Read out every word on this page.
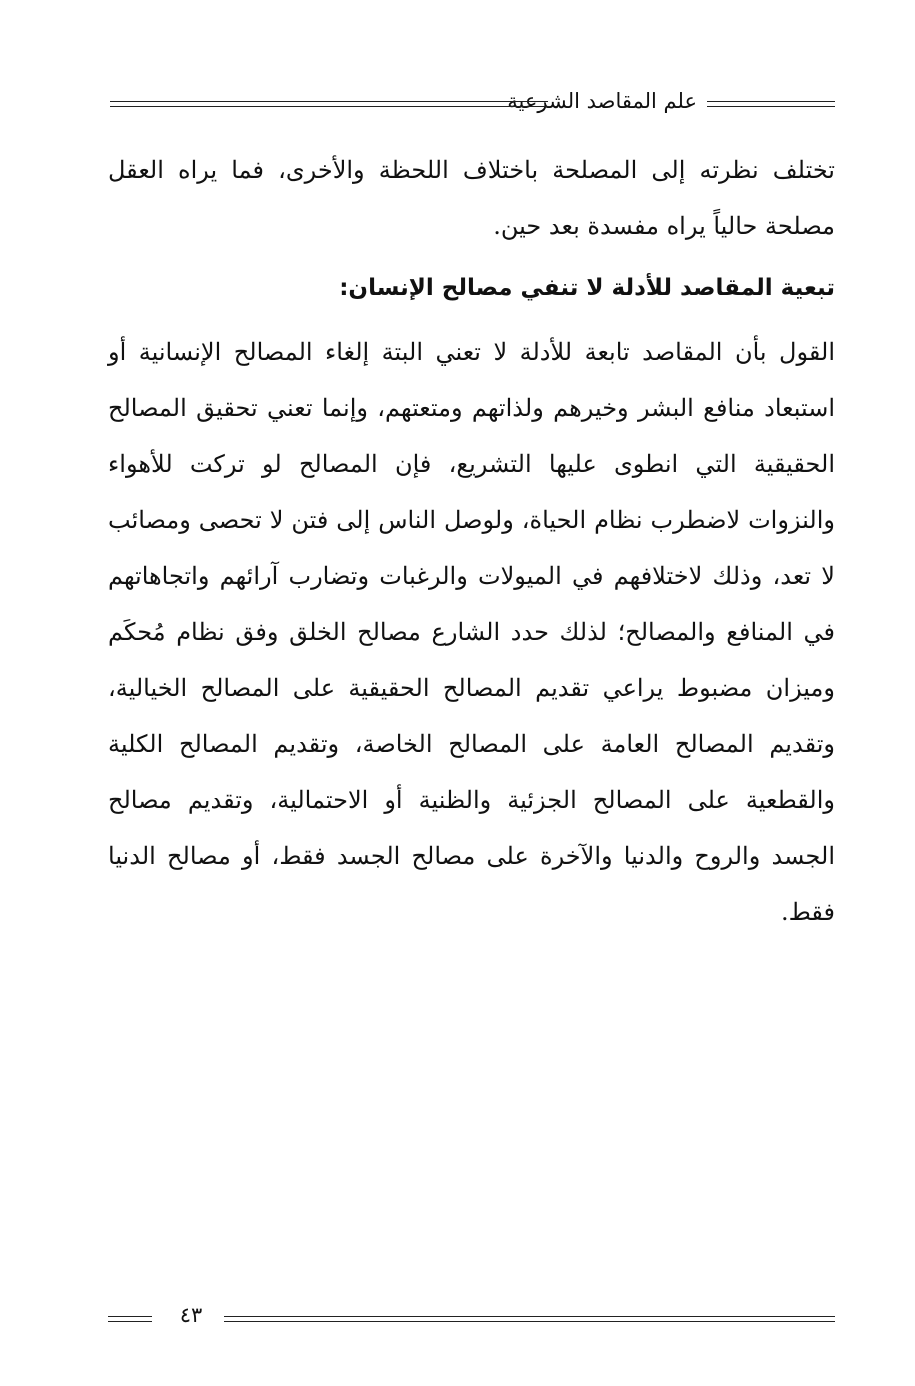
علم المقاصد الشرعية

تختلف نظرته إلى المصلحة باختلاف اللحظة والأخرى، فما يراه العقل مصلحة حالياً يراه مفسدة بعد حين.

تبعية المقاصد للأدلة لا تنفي مصالح الإنسان:

القول بأن المقاصد تابعة للأدلة لا تعني البتة إلغاء المصالح الإنسانية أو استبعاد منافع البشر وخيرهم ولذاتهم ومتعتهم، وإنما تعني تحقيق المصالح الحقيقية التي انطوى عليها التشريع، فإن المصالح لو تركت للأهواء والنزوات لاضطرب نظام الحياة، ولوصل الناس إلى فتن لا تحصى ومصائب لا تعد، وذلك لاختلافهم في الميولات والرغبات وتضارب آرائهم واتجاهاتهم في المنافع والمصالح؛ لذلك حدد الشارع مصالح الخلق وفق نظام مُحكَم وميزان مضبوط يراعي تقديم المصالح الحقيقية على المصالح الخيالية، وتقديم المصالح العامة على المصالح الخاصة، وتقديم المصالح الكلية والقطعية على المصالح الجزئية والظنية أو الاحتمالية، وتقديم مصالح الجسد والروح والدنيا والآخرة على مصالح الجسد فقط، أو مصالح الدنيا فقط.

٤٣
